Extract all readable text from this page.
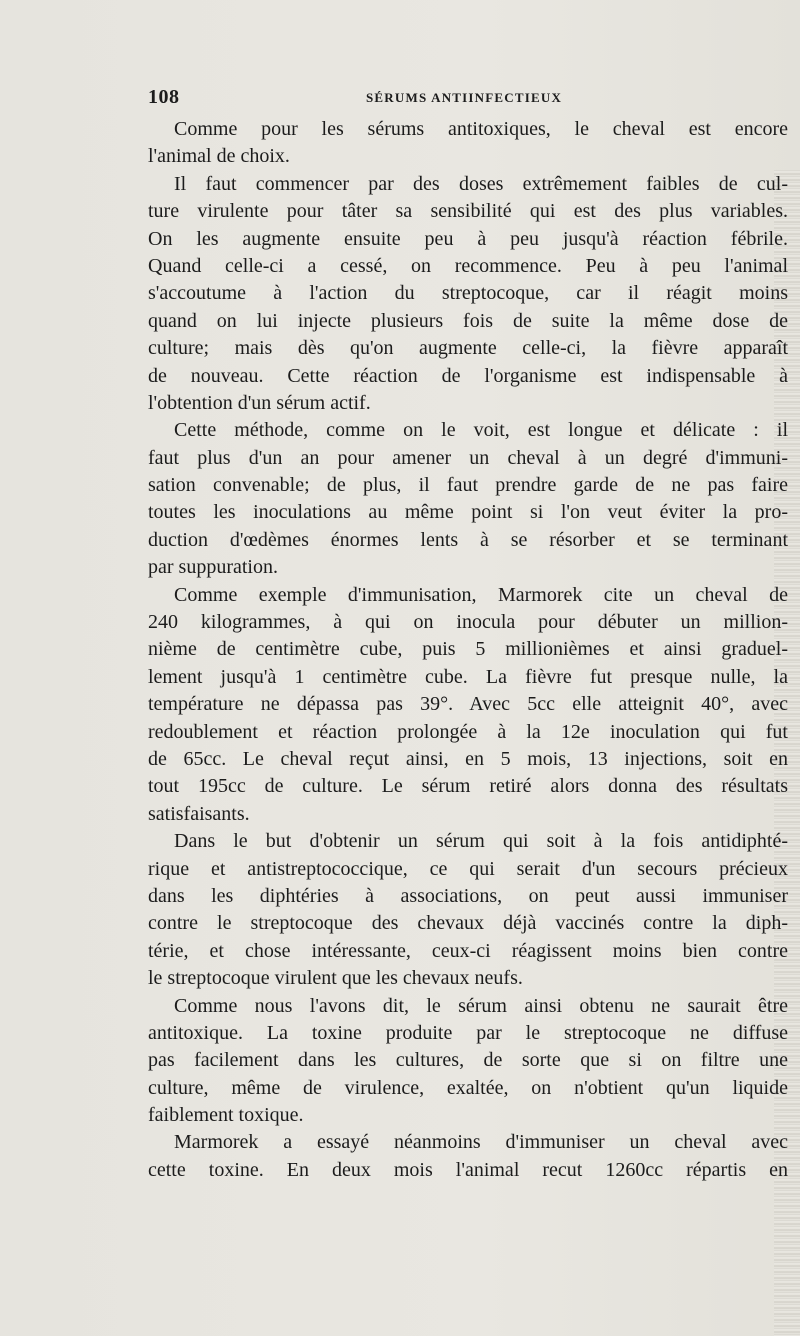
108	SÉRUMS ANTIINFECTIEUX
Comme pour les sérums antitoxiques, le cheval est encore
l'animal de choix.
Il faut commencer par des doses extrêmement faibles de cul-
ture virulente pour tâter sa sensibilité qui est des plus variables.
On les augmente ensuite peu à peu jusqu'à réaction fébrile.
Quand celle-ci a cessé, on recommence. Peu à peu l'animal
s'accoutume à l'action du streptocoque, car il réagit moins
quand on lui injecte plusieurs fois de suite la même dose de
culture; mais dès qu'on augmente celle-ci, la fièvre apparaît
de nouveau. Cette réaction de l'organisme est indispensable à
l'obtention d'un sérum actif.
Cette méthode, comme on le voit, est longue et délicate : il
faut plus d'un an pour amener un cheval à un degré d'immuni-
sation convenable; de plus, il faut prendre garde de ne pas faire
toutes les inoculations au même point si l'on veut éviter la pro-
duction d'œdèmes énormes lents à se résorber et se terminant
par suppuration.
Comme exemple d'immunisation, Marmorek cite un cheval de
240 kilogrammes, à qui on inocula pour débuter un million-
nième de centimètre cube, puis 5 millionièmes et ainsi graduel-
lement jusqu'à 1 centimètre cube. La fièvre fut presque nulle, la
température ne dépassa pas 39°. Avec 5cc elle atteignit 40°, avec
redoublement et réaction prolongée à la 12e inoculation qui fut
de 65cc. Le cheval reçut ainsi, en 5 mois, 13 injections, soit en
tout 195cc de culture. Le sérum retiré alors donna des résultats
satisfaisants.
Dans le but d'obtenir un sérum qui soit à la fois antidiphté-
rique et antistreptococcique, ce qui serait d'un secours précieux
dans les diphtéries à associations, on peut aussi immuniser
contre le streptocoque des chevaux déjà vaccinés contre la diph-
térie, et chose intéressante, ceux-ci réagissent moins bien contre
le streptocoque virulent que les chevaux neufs.
Comme nous l'avons dit, le sérum ainsi obtenu ne saurait être
antitoxique. La toxine produite par le streptocoque ne diffuse
pas facilement dans les cultures, de sorte que si on filtre une
culture, même de virulence, exaltée, on n'obtient qu'un liquide
faiblement toxique.
Marmorek a essayé néanmoins d'immuniser un cheval avec
cette toxine. En deux mois l'animal recut 1260cc répartis en
